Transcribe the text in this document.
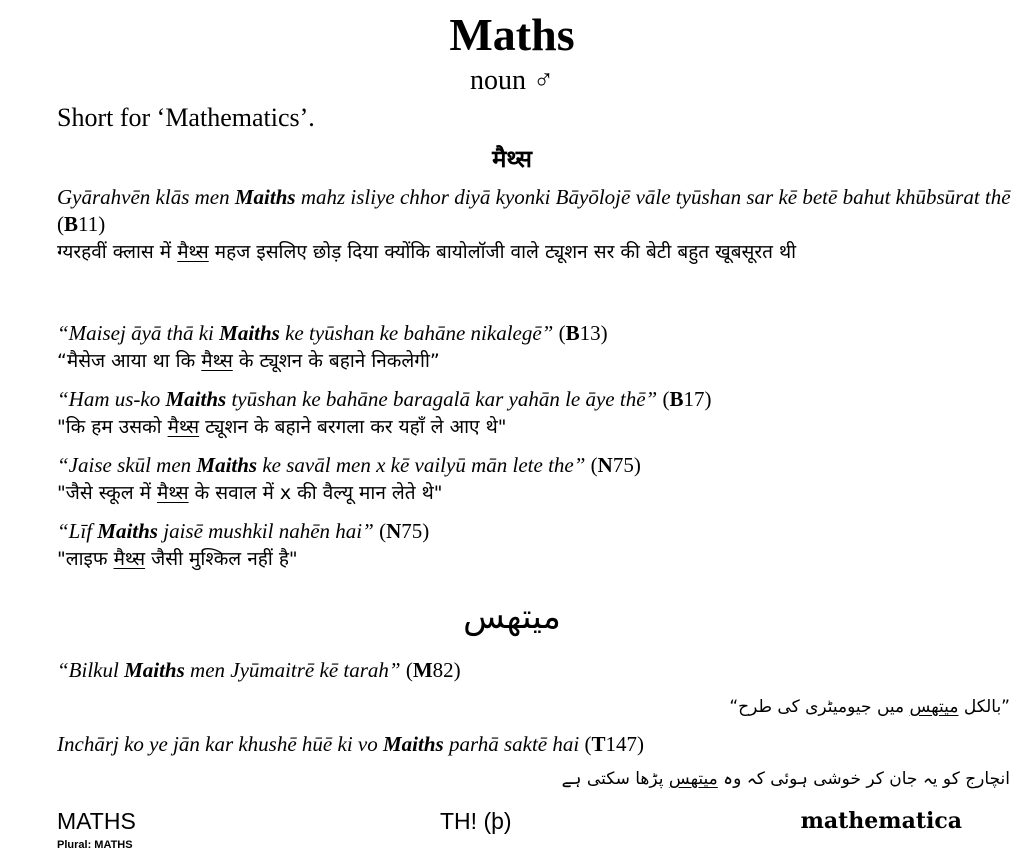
Maths
noun ♂
Short for ‘Mathematics’.
मैथ्स
Gyārahvēn klās men Maiths mahz isliye chhor diyā kyonki Bāyōlojē vāle tyūshan sar kē betē bahut khūbsūrat thē (B11)
ग्यरहवीं क्लास में मैथ्स महज इसलिए छोड़ दिया क्योंकि बायोलॉजी वाले ट्यूशन सर की बेटी बहुत खूबसूरत थी
“Maisej āyā thā ki Maiths ke tyūshan ke bahāne nikalegē” (B13)
“मैसेज आया था कि मैथ्स के ट्यूशन के बहाने निकलेगी”
“Ham us-ko Maiths tyūshan ke bahāne baragalā kar yahān le āye thē” (B17)
"कि हम उसको मैथ्स ट्यूशन के बहाने बरगला कर यहाँ ले आए थे"
“Jaise skūl men Maiths ke savāl men x kē vailyū mān lete the” (N75)
"जैसे स्कूल में मैथ्स के सवाल में x की वैल्यू मान लेते थे"
“Līf Maiths jaisē mushkil nahēn hai” (N75)
"लाइफ मैथ्स जैसी मुश्किल नहीं है"
میتھس
“Bilkul Maiths men Jyūmaitrē kē tarah” (M82)
”بالکل میتھس میں جیومیٹری کی طرح“
Inchārj ko ye jān kar khushē hūē ki vo Maiths parhā saktē hai (T147)
انچارج کو یہ جان کر خوشی ہوئی کہ وہ میتھس پڑھا سکتی ہے
MATHS
Plural: MATHS
TH! (þ)	mathematica
